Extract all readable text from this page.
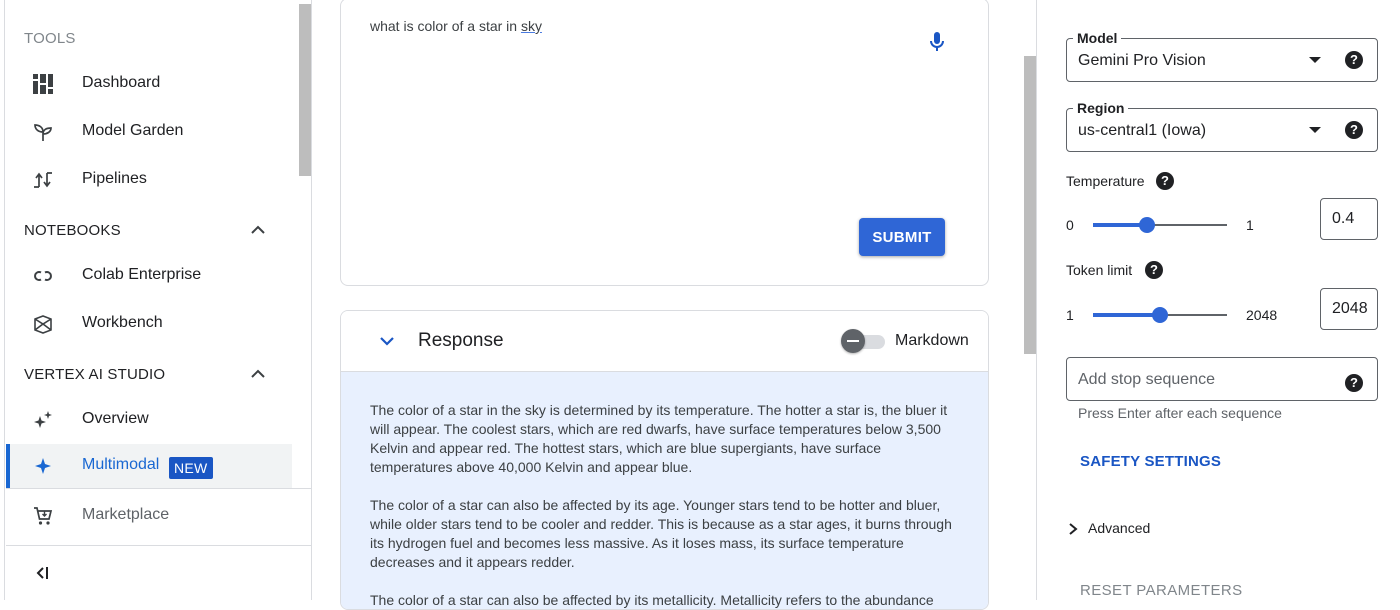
TOOLS
Dashboard
Model Garden
Pipelines
NOTEBOOKS
Colab Enterprise
Workbench
VERTEX AI STUDIO
Overview
Multimodal	NEW
Marketplace
what is color of a star in sky
SUBMIT
Response	Markdown

The color of a star in the sky is determined by its temperature. The hotter a star is, the bluer it will appear. The coolest stars, which are red dwarfs, have surface temperatures below 3,500 Kelvin and appear red. The hottest stars, which are blue supergiants, have surface temperatures above 40,000 Kelvin and appear blue.

The color of a star can also be affected by its age. Younger stars tend to be hotter and bluer, while older stars tend to be cooler and redder. This is because as a star ages, it burns through its hydrogen fuel and becomes less massive. As it loses mass, its surface temperature decreases and it appears redder.

The color of a star can also be affected by its metallicity. Metallicity refers to the abundance

Model
Gemini Pro Vision	?
Region
us-central1 (Iowa)	?
Temperature	?
0	1	0.4
Token limit	?
1	2048	2048
Add stop sequence	?
Press Enter after each sequence
SAFETY SETTINGS
Advanced
RESET PARAMETERS
